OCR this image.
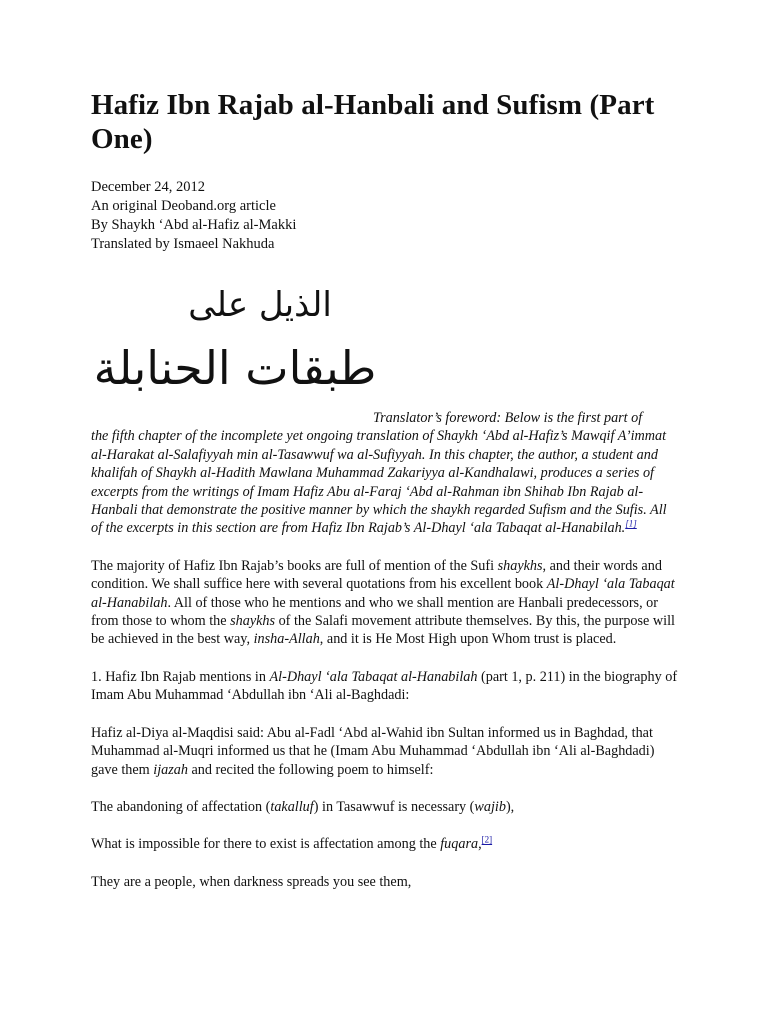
Hafiz Ibn Rajab al-Hanbali and Sufism (Part One)
December 24, 2012
An original Deoband.org article
By Shaykh ‘Abd al-Hafiz al-Makki
Translated by Ismaeel Nakhuda
الذيل على
طبقات الحنابلة
Translator’s foreword: Below is the first part of
the fifth chapter of the incomplete yet ongoing translation of Shaykh ‘Abd al-Hafiz’s Mawqif A’immat al-Harakat al-Salafiyyah min al-Tasawwuf wa al-Sufiyyah. In this chapter, the author, a student and khalifah of Shaykh al-Hadith Mawlana Muhammad Zakariyya al-Kandhalawi, produces a series of excerpts from the writings of Imam Hafiz Abu al-Faraj ‘Abd al-Rahman ibn Shihab Ibn Rajab al-Hanbali that demonstrate the positive manner by which the shaykh regarded Sufism and the Sufis. All of the excerpts in this section are from Hafiz Ibn Rajab’s Al-Dhayl ‘ala Tabaqat al-Hanabilah.[1]

The majority of Hafiz Ibn Rajab’s books are full of mention of the Sufi shaykhs, and their words and condition. We shall suffice here with several quotations from his excellent book Al-Dhayl ‘ala Tabaqat al-Hanabilah. All of those who he mentions and who we shall mention are Hanbali predecessors, or from those to whom the shaykhs of the Salafi movement attribute themselves. By this, the purpose will be achieved in the best way, insha-Allah, and it is He Most High upon Whom trust is placed.

1. Hafiz Ibn Rajab mentions in Al-Dhayl ‘ala Tabaqat al-Hanabilah (part 1, p. 211) in the biography of Imam Abu Muhammad ‘Abdullah ibn ‘Ali al-Baghdadi:

Hafiz al-Diya al-Maqdisi said: Abu al-Fadl ‘Abd al-Wahid ibn Sultan informed us in Baghdad, that Muhammad al-Muqri informed us that he (Imam Abu Muhammad ‘Abdullah ibn ‘Ali al-Baghdadi) gave them ijazah and recited the following poem to himself:

The abandoning of affectation (takalluf) in Tasawwuf is necessary (wajib),

What is impossible for there to exist is affectation among the fuqara,[2]

They are a people, when darkness spreads you see them,
